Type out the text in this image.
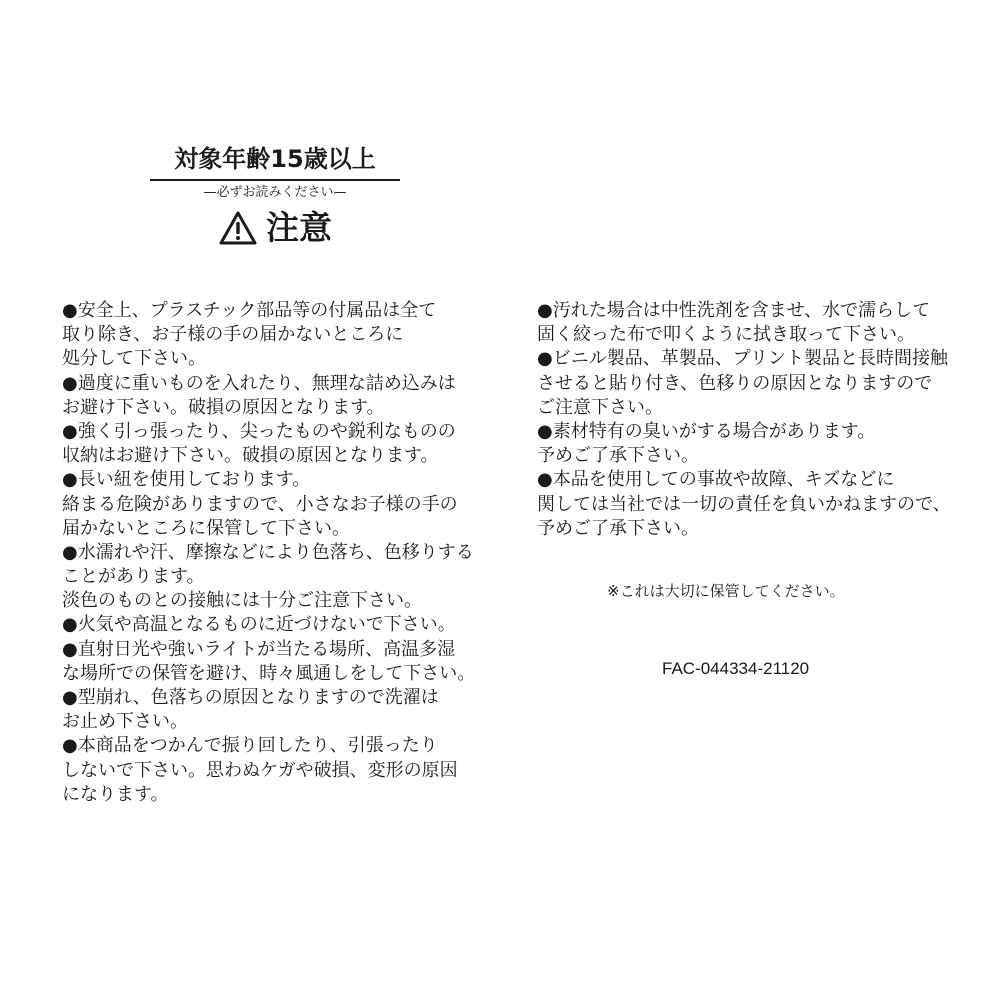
対象年齢15歳以上
—必ずお読みください—
注意
●安全上、プラスチック部品等の付属品は全て
取り除き、お子様の手の届かないところに
処分して下さい。
●過度に重いものを入れたり、無理な詰め込みは
お避け下さい。破損の原因となります。
●強く引っ張ったり、尖ったものや鋭利なものの
収納はお避け下さい。破損の原因となります。
●長い紐を使用しております。
絡まる危険がありますので、小さなお子様の手の
届かないところに保管して下さい。
●水濡れや汗、摩擦などにより色落ち、色移りする
ことがあります。
淡色のものとの接触には十分ご注意下さい。
●火気や高温となるものに近づけないで下さい。
●直射日光や強いライトが当たる場所、高温多湿
な場所での保管を避け、時々風通しをして下さい。
●型崩れ、色落ちの原因となりますので洗濯は
お止め下さい。
●本商品をつかんで振り回したり、引張ったり
しないで下さい。思わぬケガや破損、変形の原因
になります。
●汚れた場合は中性洗剤を含ませ、水で濡らして
固く絞った布で叩くように拭き取って下さい。
●ビニル製品、革製品、プリント製品と長時間接触
させると貼り付き、色移りの原因となりますので
ご注意下さい。
●素材特有の臭いがする場合があります。
予めご了承下さい。
●本品を使用しての事故や故障、キズなどに
関しては当社では一切の責任を負いかねますので、
予めご了承下さい。
※これは大切に保管してください。
FAC-044334-21120
